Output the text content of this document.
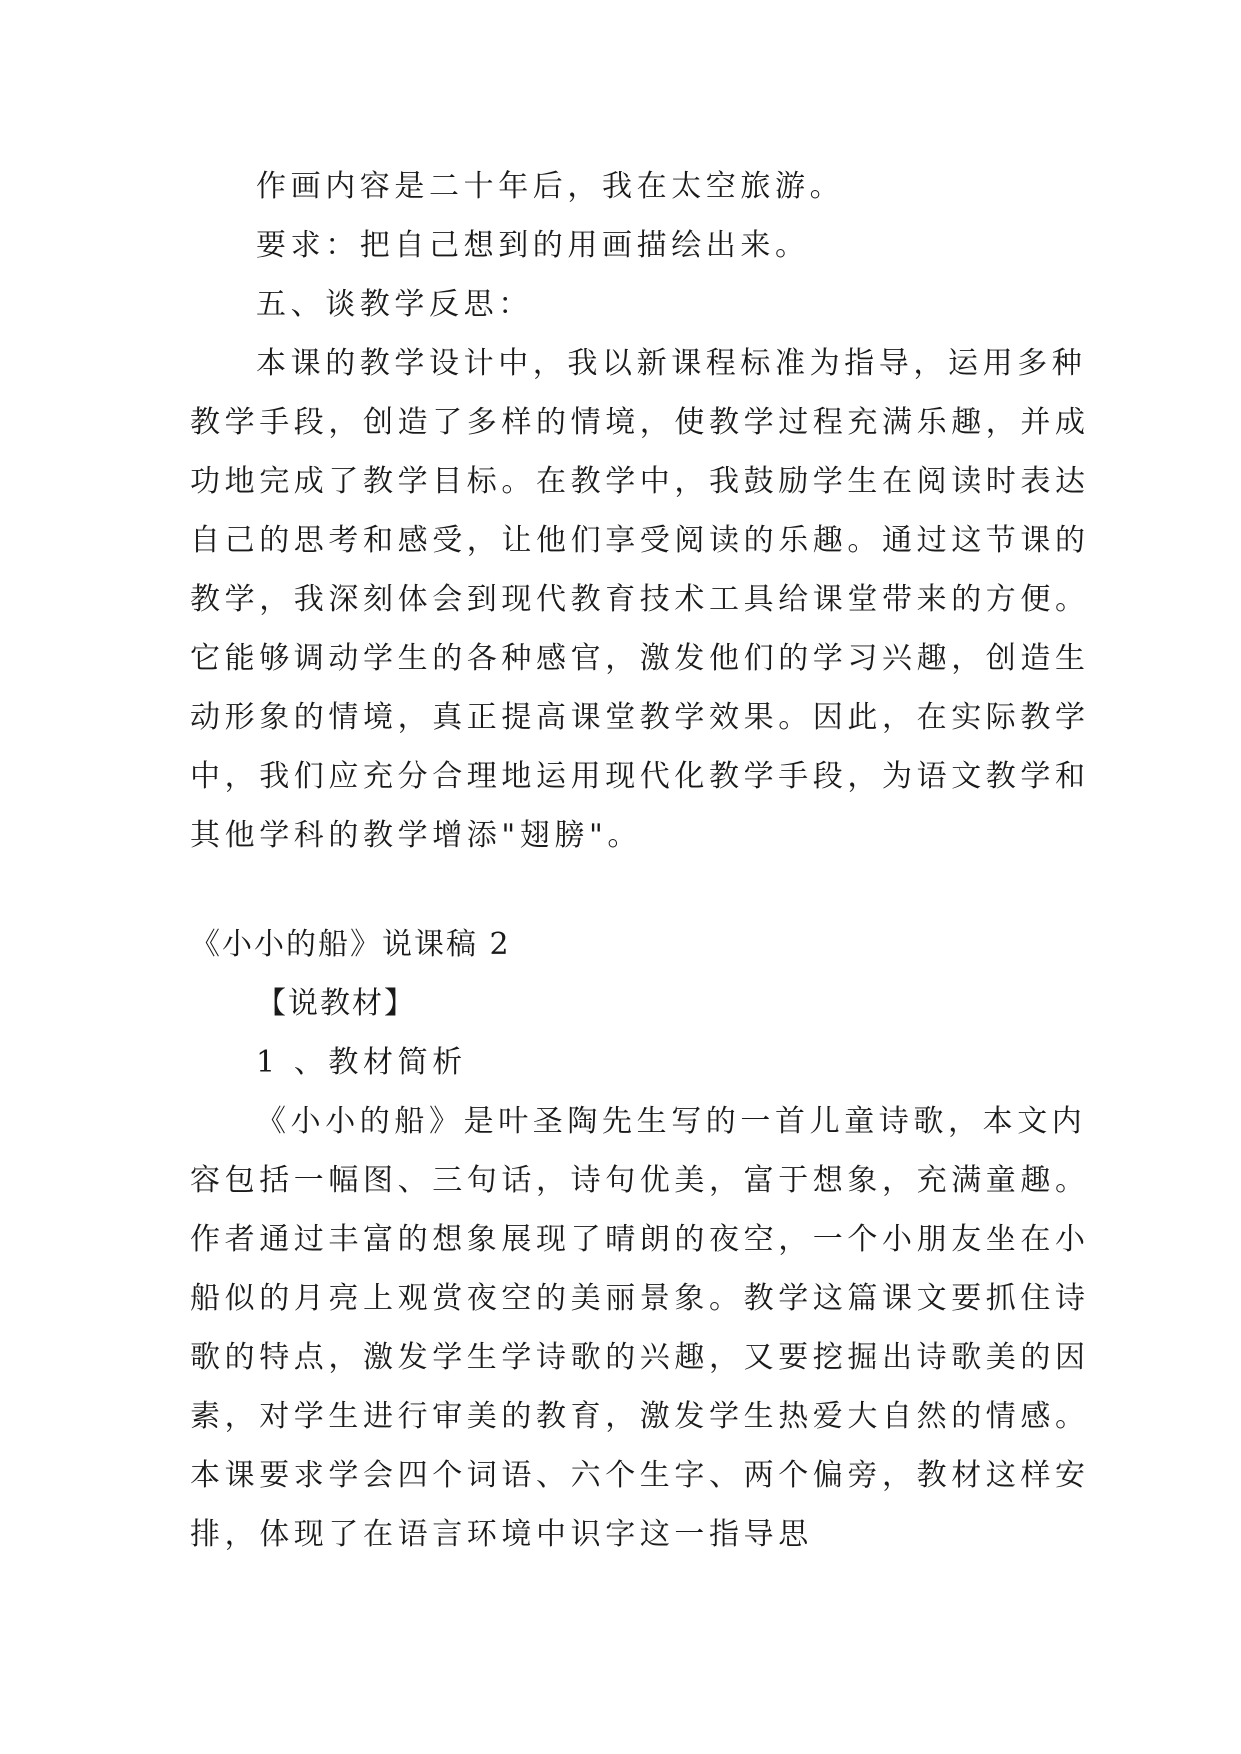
作画内容是二十年后，我在太空旅游。
要求：把自己想到的用画描绘出来。
五、谈教学反思：
本课的教学设计中，我以新课程标准为指导，运用多种
教学手段，创造了多样的情境，使教学过程充满乐趣，并成
功地完成了教学目标。在教学中，我鼓励学生在阅读时表达
自己的思考和感受，让他们享受阅读的乐趣。通过这节课的
教学，我深刻体会到现代教育技术工具给课堂带来的方便。
它能够调动学生的各种感官，激发他们的学习兴趣，创造生
动形象的情境，真正提高课堂教学效果。因此，在实际教学
中，我们应充分合理地运用现代化教学手段，为语文教学和
其他学科的教学增添"翅膀"。
《小小的船》说课稿 2
【说教材】
1 、教材简析
《小小的船》是叶圣陶先生写的一首儿童诗歌，本文内
容包括一幅图、三句话，诗句优美，富于想象，充满童趣。
作者通过丰富的想象展现了晴朗的夜空，一个小朋友坐在小
船似的月亮上观赏夜空的美丽景象。教学这篇课文要抓住诗
歌的特点，激发学生学诗歌的兴趣，又要挖掘出诗歌美的因
素，对学生进行审美的教育，激发学生热爱大自然的情感。
本课要求学会四个词语、六个生字、两个偏旁，教材这样安
排，体现了在语言环境中识字这一指导思
